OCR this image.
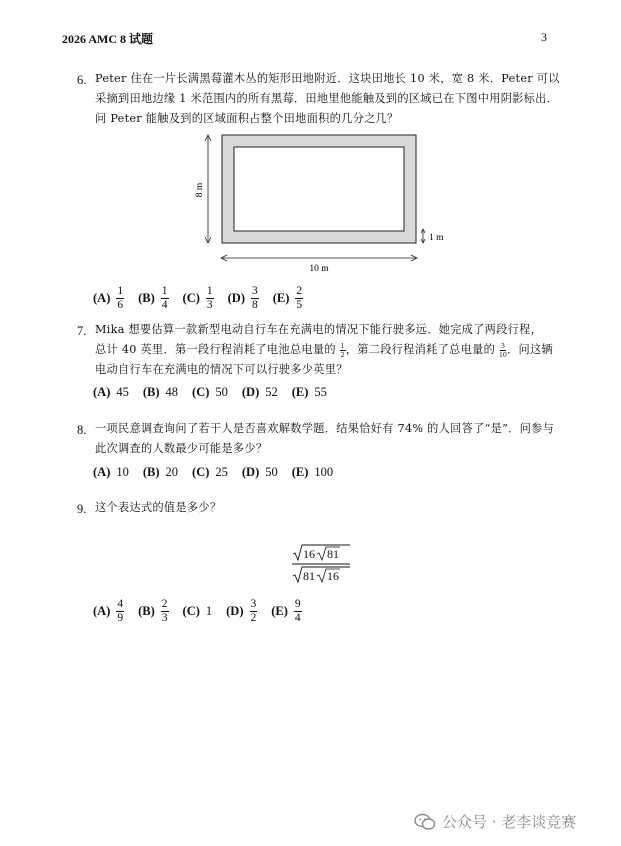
2026 AMC 8 试题	3
6. Peter 住在一片长满黑莓灌木丛的矩形田地附近．这块田地长 10 米，宽 8 米．Peter 可以
采摘到田地边缘 1 米范围内的所有黑莓．田地里他能触及到的区域已在下图中用阴影标出．
问 Peter 能触及到的区域面积占整个田地面积的几分之几？
8 m
1 m
10 m
$(A) \frac{1}{6} (B) \frac{1}{4} (C) \frac{1}{3} (D) \frac{3}{8} (E) \frac{2}{5}$
7. Mika 想要估算一款新型电动自行车在充满电的情况下能行驶多远．她完成了两段行程，
总计 40 英里．第一段行程消耗了电池总电量的 $\frac{1}{2}$ ，第二段行程消耗了总电量的 $\frac{3}{10}$ ．问这辆
电动自行车在充满电的情况下可以行驶多少英里？
(A) 45 (B) 48 (C) 50 (D) 52 (E) 55
8. 一项民意调查询问了若干人是否喜欢解数学题．结果恰好有 74% 的人回答了“是”．问参与
此次调查的人数最少可能是多少？
(A) 10 (B) 20 (C) 25 (D) 50 (E) 100
9. 这个表达式的值是多少？
16 81
81 16
$(A) \frac{4}{9} (B) \frac{2}{3} (C)$ 1 $(D) \frac{3}{2} (E) \frac{9}{4}$
公众号 · 老李谈竞赛
